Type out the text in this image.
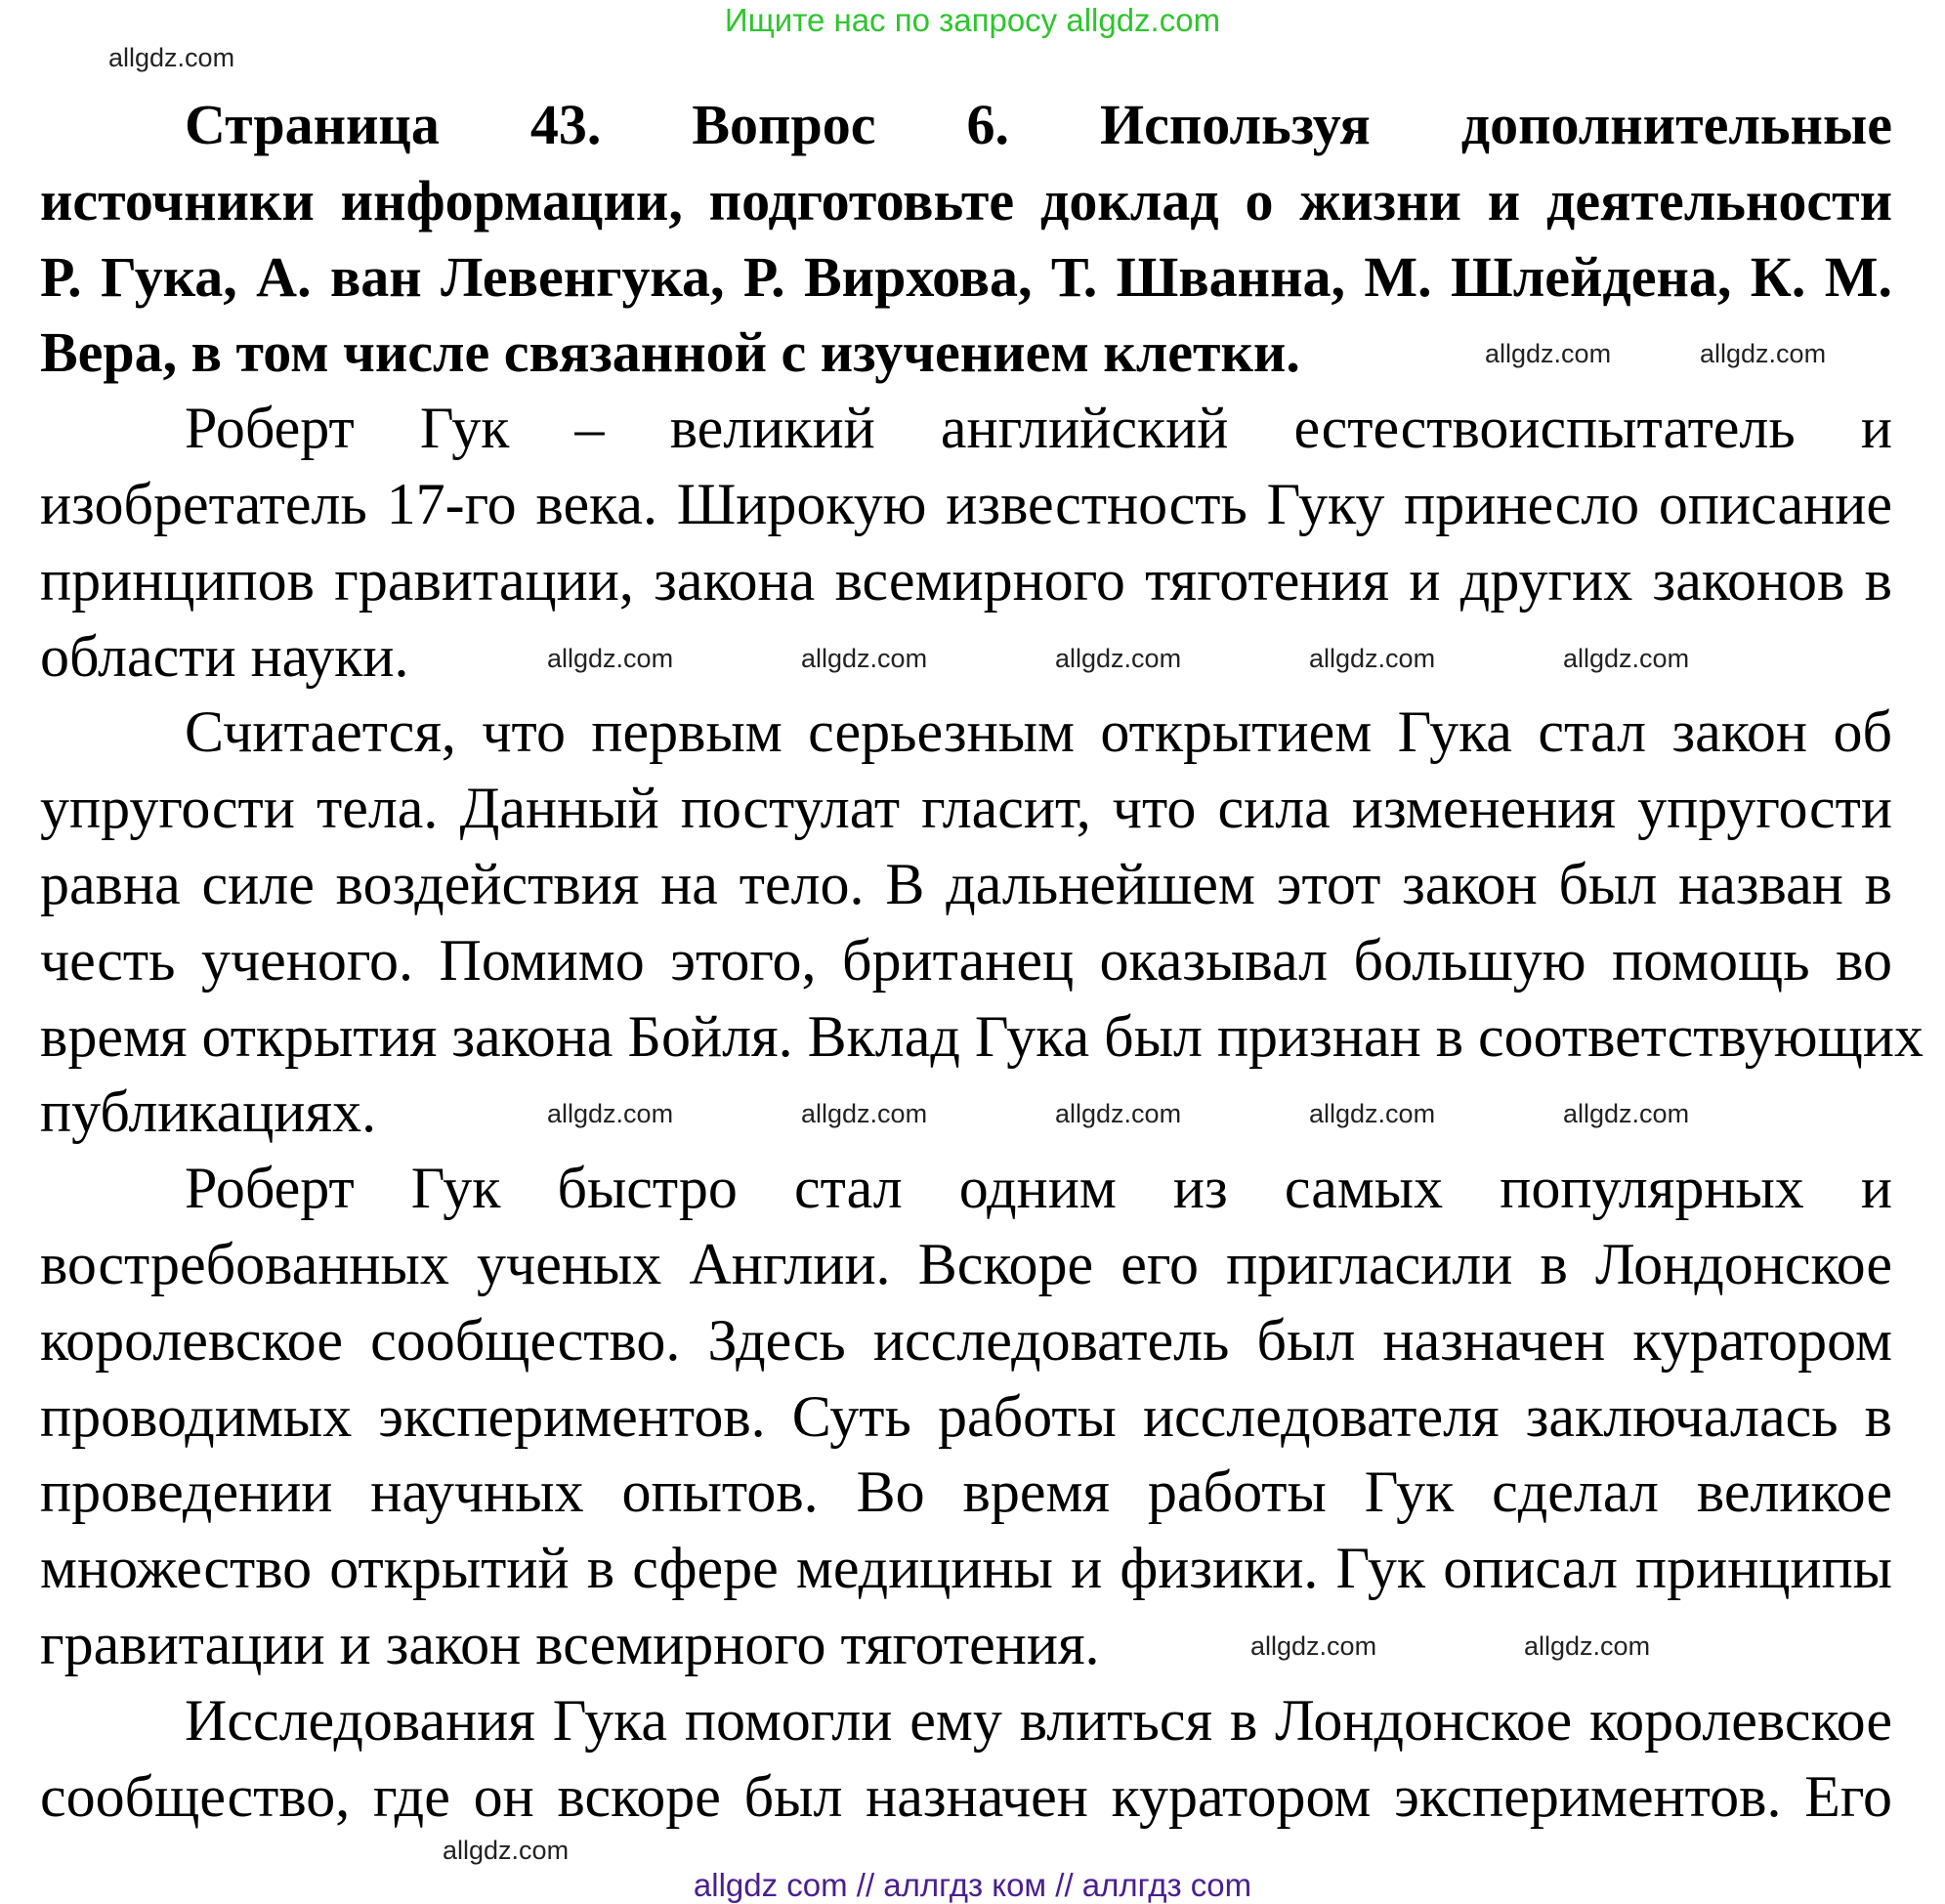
Ищите нас по запросу allgdz.com
Страница 43. Вопрос 6. Используя дополнительные
источники информации, подготовьте доклад о жизни и деятельности
Р. Гука, А. ван Левенгука, Р. Вирхова, Т. Шванна, М. Шлейдена, К. М.
Вера, в том числе связанной с изучением клетки.
Роберт Гук – великий английский естествоиспытатель и
изобретатель 17-го века. Широкую известность Гуку принесло описание
принципов гравитации, закона всемирного тяготения и других законов в
области науки.
Считается, что первым серьезным открытием Гука стал закон об
упругости тела. Данный постулат гласит, что сила изменения упругости
равна силе воздействия на тело. В дальнейшем этот закон был назван в
честь ученого. Помимо этого, британец оказывал большую помощь во
время открытия закона Бойля. Вклад Гука был признан в соответствующих
публикациях.
Роберт Гук быстро стал одним из самых популярных и
востребованных ученых Англии. Вскоре его пригласили в Лондонское
королевское сообщество. Здесь исследователь был назначен куратором
проводимых экспериментов. Суть работы исследователя заключалась в
проведении научных опытов. Во время работы Гук сделал великое
множество открытий в сфере медицины и физики. Гук описал принципы
гравитации и закон всемирного тяготения.
Исследования Гука помогли ему влиться в Лондонское королевское
сообщество, где он вскоре был назначен куратором экспериментов. Его
allgdz.com
allgdz.com	allgdz.com
allgdz.com	allgdz.com	allgdz.com	allgdz.com	allgdz.com
allgdz.com	allgdz.com	allgdz.com	allgdz.com	allgdz.com
allgdz.com	allgdz.com
allgdz.com
allgdz com // аллгдз ком // аллгдз com
